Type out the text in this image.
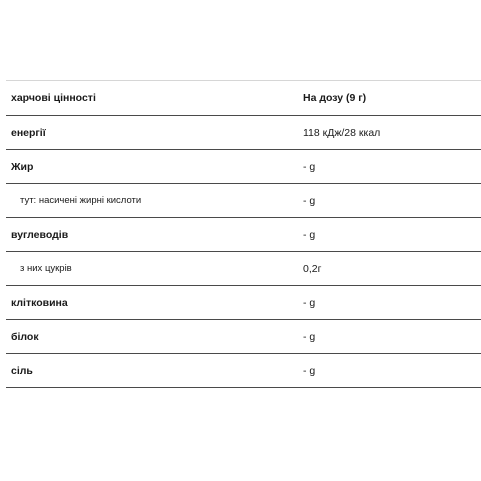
харчові цінності	На дозу (9 г)
енергії	118 кДж/28 ккал
Жир	- g
тут: насичені жирні кислоти	- g
вуглеводів	- g
з них цукрів	0,2г
клітковина	- g
білок	- g
сіль	- g
